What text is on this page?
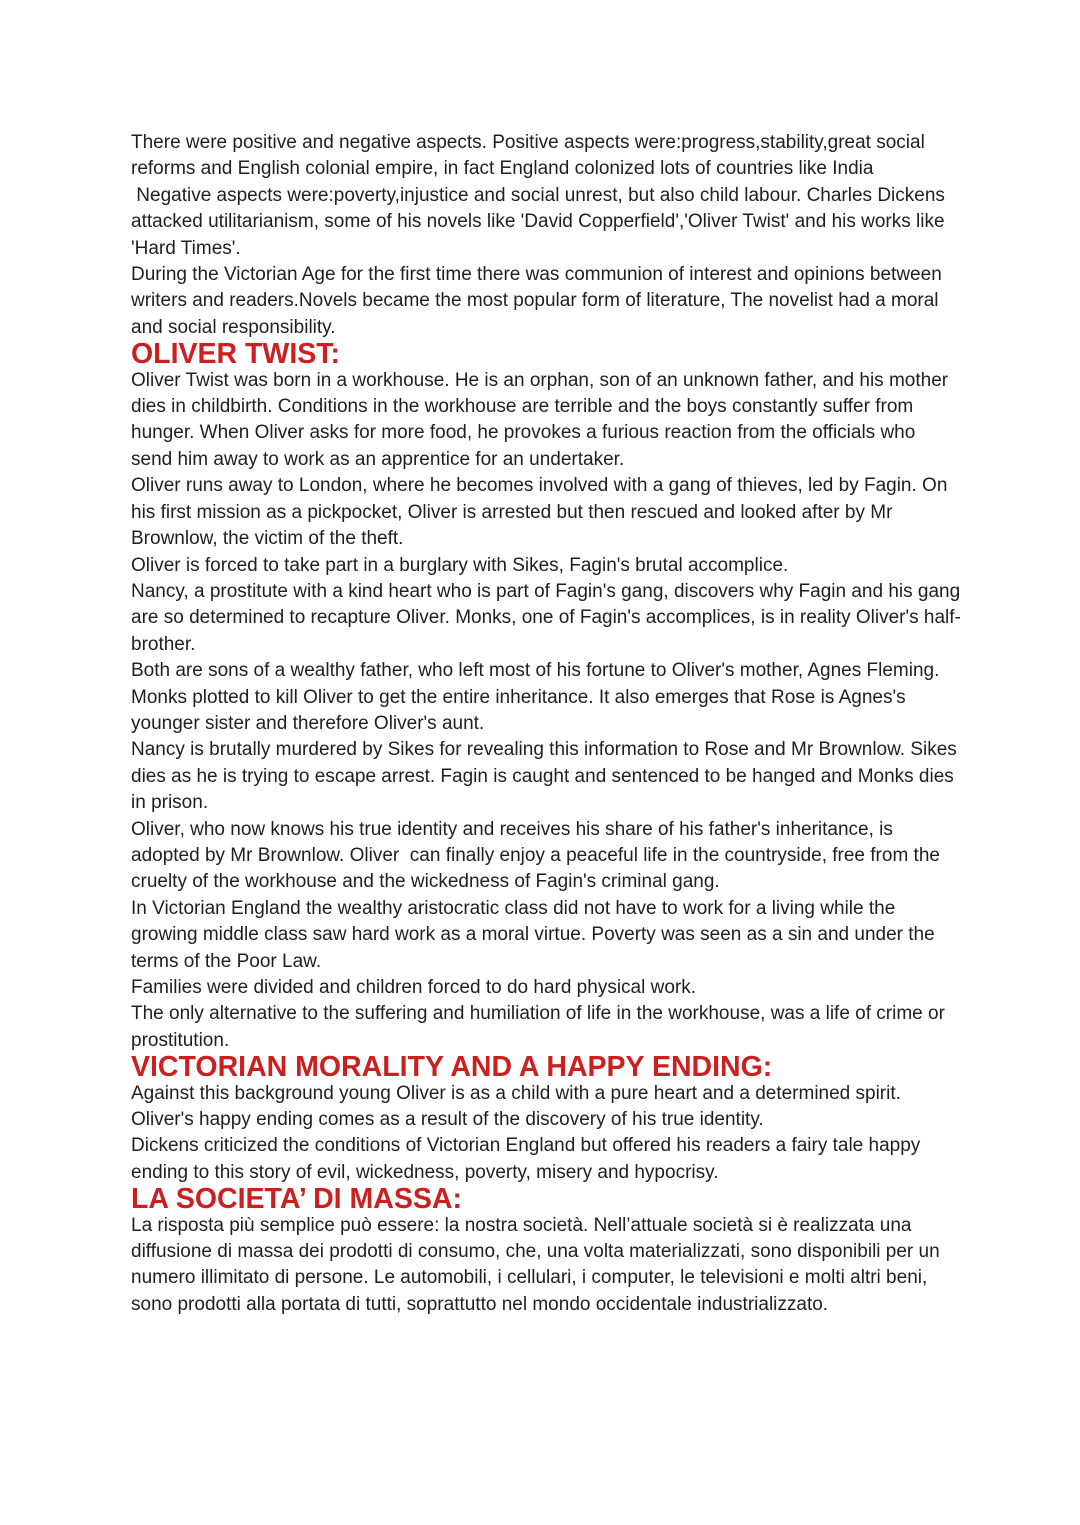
There were positive and negative aspects. Positive aspects were:progress,stability,great social reforms and English colonial empire, in fact England colonized lots of countries like India

Negative aspects were:poverty,injustice and social unrest, but also child labour. Charles Dickens attacked utilitarianism, some of his novels like 'David Copperfield','Oliver Twist' and his works like 'Hard Times'.

During the Victorian Age for the first time there was communion of interest and opinions between writers and readers.Novels became the most popular form of literature, The novelist had a moral and social responsibility.

OLIVER TWIST:

Oliver Twist was born in a workhouse. He is an orphan, son of an unknown father, and his mother dies in childbirth. Conditions in the workhouse are terrible and the boys constantly suffer from hunger. When Oliver asks for more food, he provokes a furious reaction from the officials who send him away to work as an apprentice for an undertaker.

Oliver runs away to London, where he becomes involved with a gang of thieves, led by Fagin. On his first mission as a pickpocket, Oliver is arrested but then rescued and looked after by Mr Brownlow, the victim of the theft.

Oliver is forced to take part in a burglary with Sikes, Fagin's brutal accomplice.

Nancy, a prostitute with a kind heart who is part of Fagin's gang, discovers why Fagin and his gang are so determined to recapture Oliver. Monks, one of Fagin's accomplices, is in reality Oliver's half-brother.

Both are sons of a wealthy father, who left most of his fortune to Oliver's mother, Agnes Fleming.

Monks plotted to kill Oliver to get the entire inheritance. It also emerges that Rose is Agnes's younger sister and therefore Oliver's aunt.

Nancy is brutally murdered by Sikes for revealing this information to Rose and Mr Brownlow. Sikes dies as he is trying to escape arrest. Fagin is caught and sentenced to be hanged and Monks dies in prison.

Oliver, who now knows his true identity and receives his share of his father's inheritance, is adopted by Mr Brownlow. Oliver  can finally enjoy a peaceful life in the countryside, free from the cruelty of the workhouse and the wickedness of Fagin's criminal gang.

In Victorian England the wealthy aristocratic class did not have to work for a living while the growing middle class saw hard work as a moral virtue. Poverty was seen as a sin and under the terms of the Poor Law.

Families were divided and children forced to do hard physical work.

The only alternative to the suffering and humiliation of life in the workhouse, was a life of crime or prostitution.

VICTORIAN MORALITY AND A HAPPY ENDING:

Against this background young Oliver is as a child with a pure heart and a determined spirit. Oliver's happy ending comes as a result of the discovery of his true identity.

Dickens criticized the conditions of Victorian England but offered his readers a fairy tale happy ending to this story of evil, wickedness, poverty, misery and hypocrisy.

LA SOCIETA’ DI MASSA:

La risposta più semplice può essere: la nostra società. Nell’attuale società si è realizzata una diffusione di massa dei prodotti di consumo, che, una volta materializzati, sono disponibili per un numero illimitato di persone. Le automobili, i cellulari, i computer, le televisioni e molti altri beni, sono prodotti alla portata di tutti, soprattutto nel mondo occidentale industrializzato.
